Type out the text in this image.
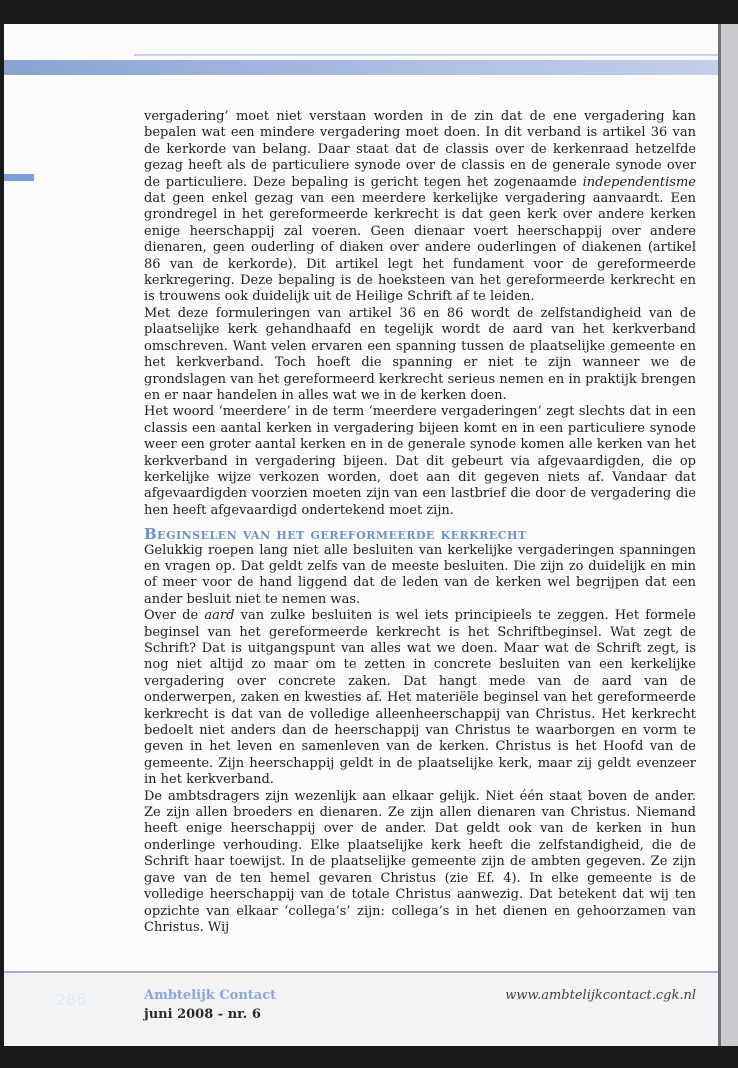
vergadering’ moet niet verstaan worden in de zin dat de ene vergadering kan bepalen wat een mindere vergadering moet doen. In dit verband is artikel 36 van de kerkorde van belang. Daar staat dat de classis over de kerkenraad hetzelfde gezag heeft als de particuliere synode over de classis en de generale synode over de particuliere. Deze bepaling is gericht tegen het zogenaamde independentisme dat geen enkel gezag van een meerdere kerkelijke vergadering aanvaardt. Een grondregel in het gereformeerde kerkrecht is dat geen kerk over andere kerken enige heerschappij zal voeren. Geen dienaar voert heerschappij over andere dienaren, geen ouderling of diaken over andere ouderlingen of diakenen (artikel 86 van de kerkorde). Dit artikel legt het fundament voor de gereformeerde kerkregering. Deze bepaling is de hoeksteen van het gereformeerde kerkrecht en is trouwens ook duidelijk uit de Heilige Schrift af te leiden.

Met deze formuleringen van artikel 36 en 86 wordt de zelfstandigheid van de plaatselijke kerk gehandhaafd en tegelijk wordt de aard van het kerkverband omschreven. Want velen ervaren een spanning tussen de plaatselijke gemeente en het kerkverband. Toch hoeft die spanning er niet te zijn wanneer we de grondslagen van het gereformeerd kerkrecht serieus nemen en in praktijk brengen en er naar handelen in alles wat we in de kerken doen.

Het woord ‘meerdere’ in de term ‘meerdere vergaderingen’ zegt slechts dat in een classis een aantal kerken in vergadering bijeen komt en in een particuliere synode weer een groter aantal kerken en in de generale synode komen alle kerken van het kerkverband in vergadering bijeen. Dat dit gebeurt via afgevaardigden, die op kerkelijke wijze verkozen worden, doet aan dit gegeven niets af. Vandaar dat afgevaardigden voorzien moeten zijn van een lastbrief die door de vergadering die hen heeft afgevaardigd ondertekend moet zijn.

Beginselen van het gereformeerde kerkrecht

Gelukkig roepen lang niet alle besluiten van kerkelijke vergaderingen spanningen en vragen op. Dat geldt zelfs van de meeste besluiten. Die zijn zo duidelijk en min of meer voor de hand liggend dat de leden van de kerken wel begrijpen dat een ander besluit niet te nemen was.

Over de aard van zulke besluiten is wel iets principieels te zeggen. Het formele beginsel van het gereformeerde kerkrecht is het Schriftbeginsel. Wat zegt de Schrift? Dat is uitgangspunt van alles wat we doen. Maar wat de Schrift zegt, is nog niet altijd zo maar om te zetten in concrete besluiten van een kerkelijke vergadering over concrete zaken. Dat hangt mede van de aard van de onderwerpen, zaken en kwesties af. Het materiële beginsel van het gereformeerde kerkrecht is dat van de volledige alleenheerschappij van Christus. Het kerkrecht bedoelt niet anders dan de heerschappij van Christus te waarborgen en vorm te geven in het leven en samenleven van de kerken. Christus is het Hoofd van de gemeente. Zijn heerschappij geldt in de plaatselijke kerk, maar zij geldt evenzeer in het kerkverband.

De ambtsdragers zijn wezenlijk aan elkaar gelijk. Niet één staat boven de ander. Ze zijn allen broeders en dienaren. Ze zijn allen dienaren van Christus. Niemand heeft enige heerschappij over de ander. Dat geldt ook van de kerken in hun onderlinge verhouding. Elke plaatselijke kerk heeft die zelfstandigheid, die de Schrift haar toewijst. In de plaatselijke gemeente zijn de ambten gegeven. Ze zijn gave van de ten hemel gevaren Christus (zie Ef. 4). In elke gemeente is de volledige heerschappij van de totale Christus aanwezig. Dat betekent dat wij ten opzichte van elkaar ‘collega’s’ zijn: collega’s in het dienen en gehoorzamen van Christus. Wij

286	Ambtelijk Contact
juni 2008 - nr. 6
www.ambtelijkcontact.cgk.nl
